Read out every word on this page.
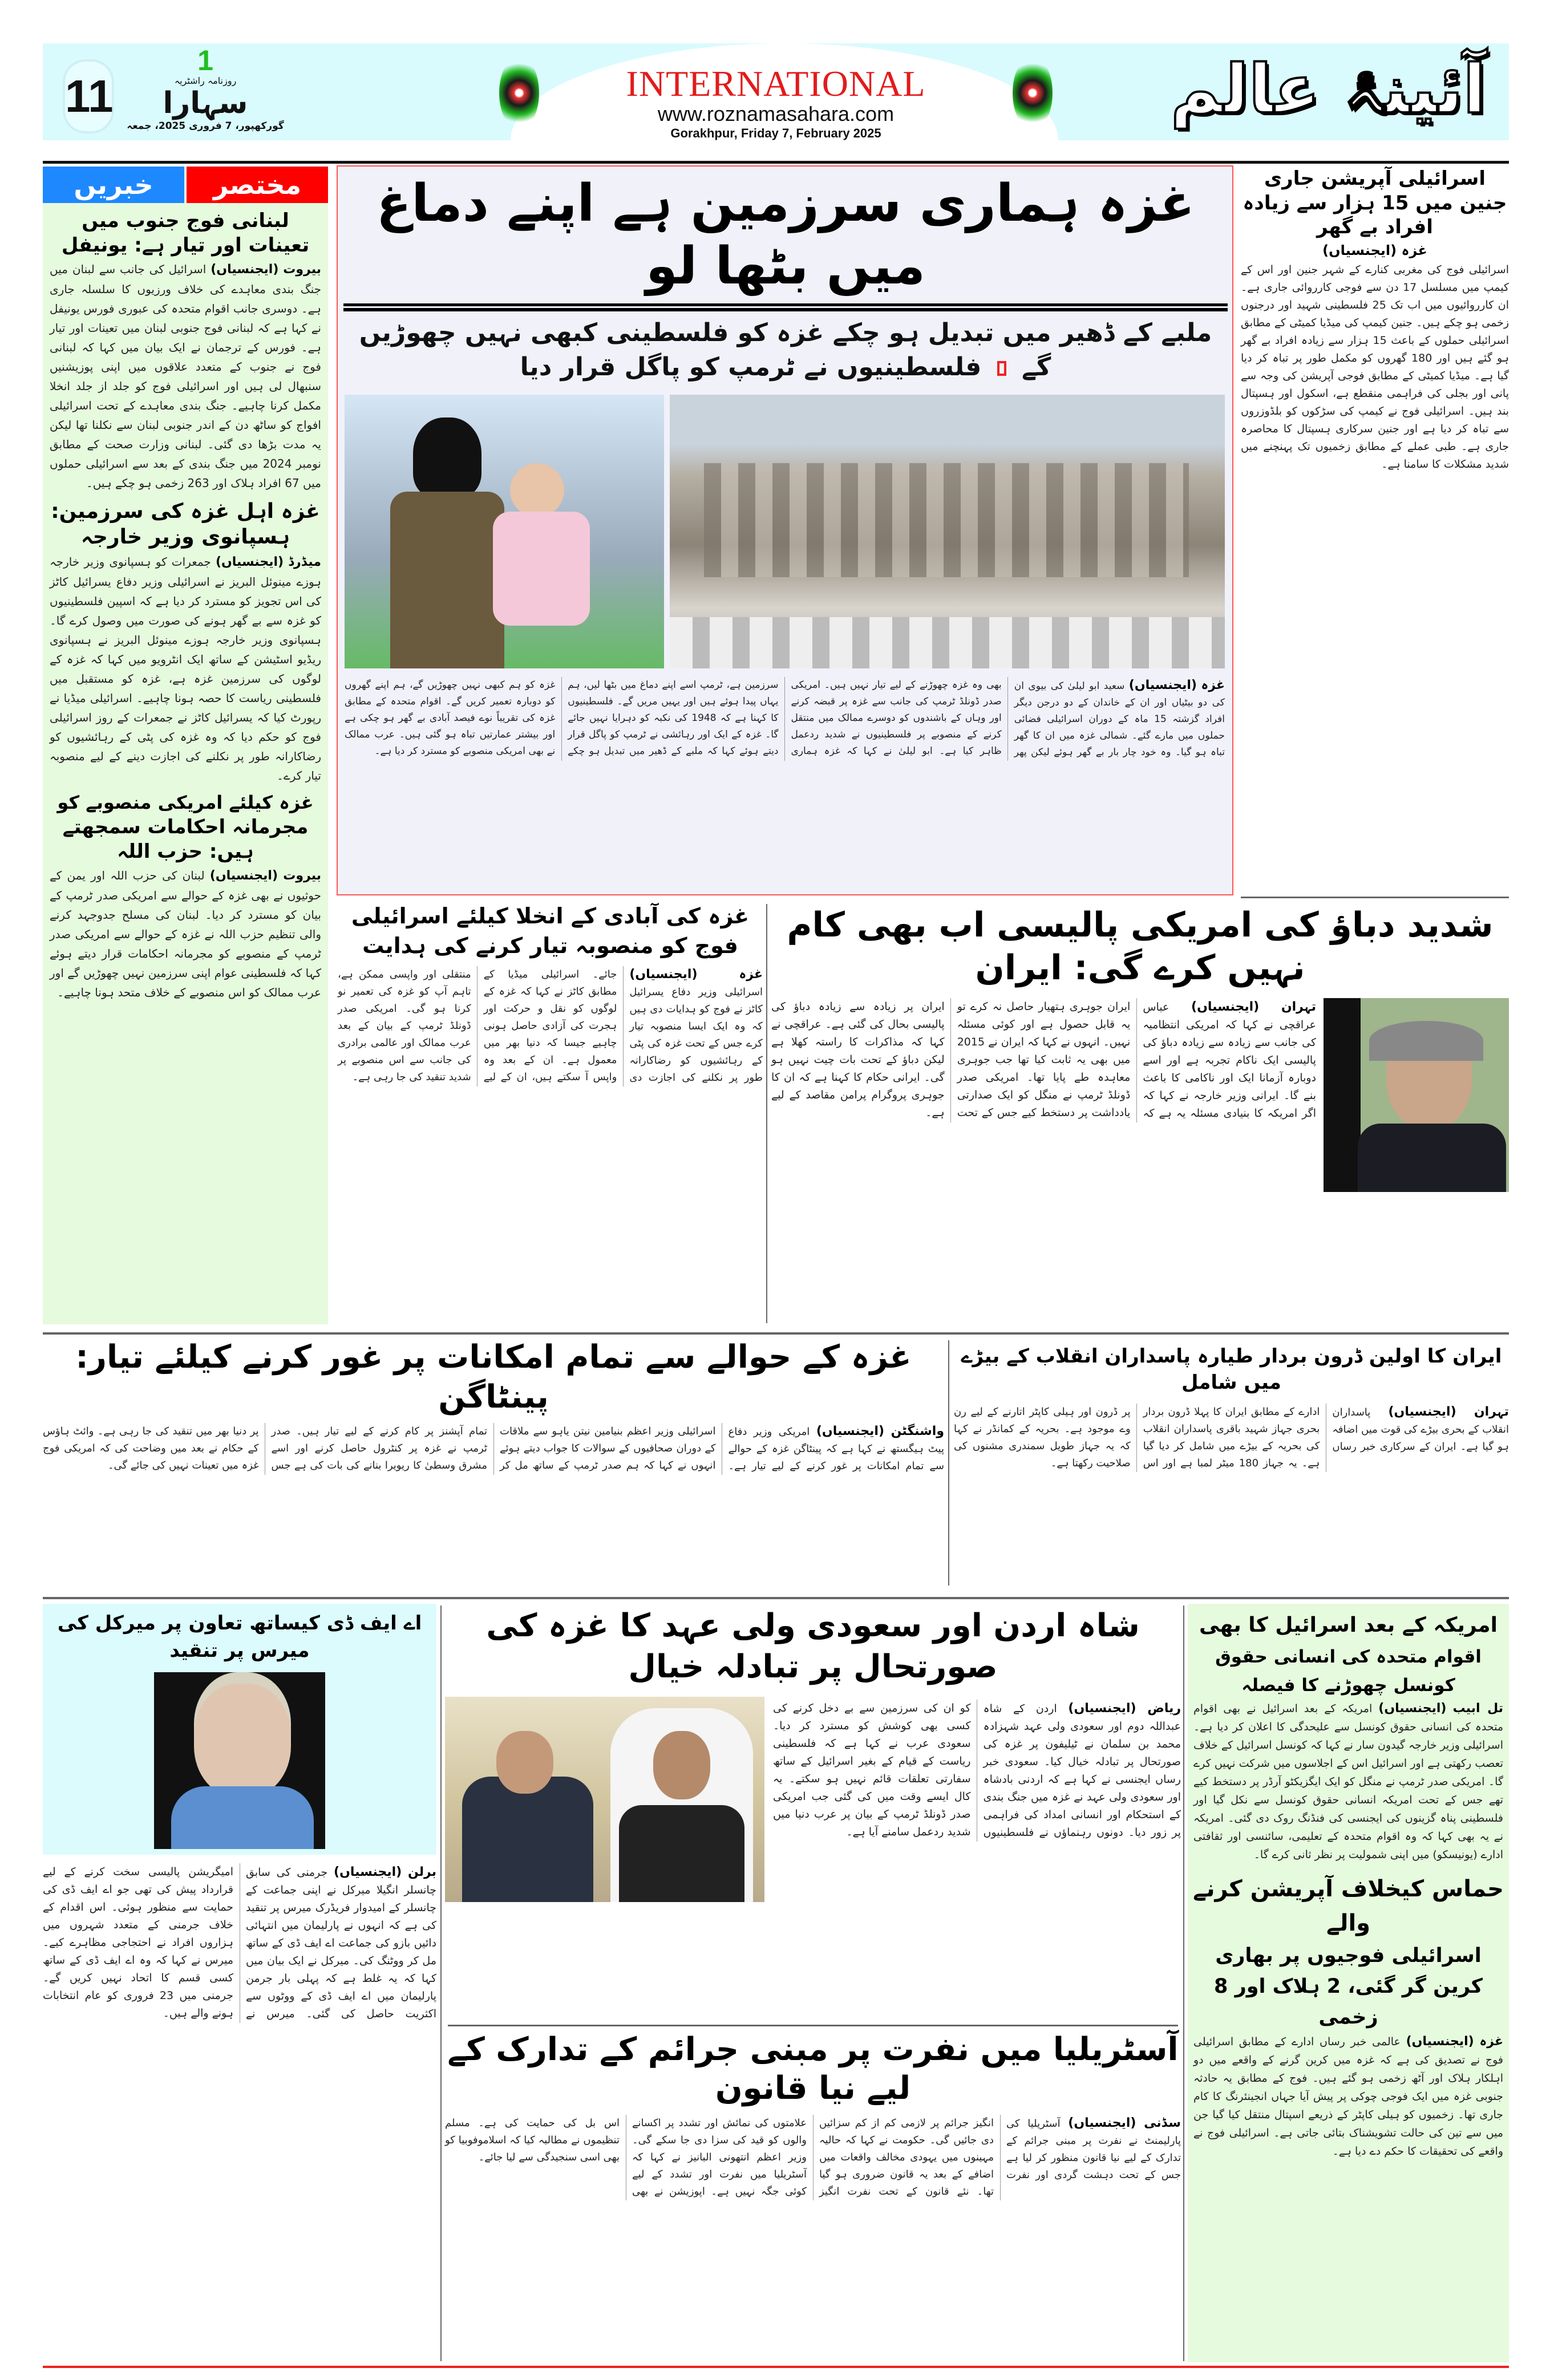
11
1
روزنامہ راشٹریہ
سہارا
گورکھپور، 7 فروری 2025، جمعہ
INTERNATIONAL
www.roznamasahara.com
Gorakhpur, Friday 7, February 2025
آئینۂ عالم
خبریں	مختصر
لبنانی فوج جنوب میں تعینات اور تیار ہے: یونیفل
بیروت (ایجنسیاں) اسرائیل کی جانب سے لبنان میں جنگ بندی معاہدے کی خلاف ورزیوں کا سلسلہ جاری ہے۔ دوسری جانب اقوام متحدہ کی عبوری فورس یونیفل نے کہا ہے کہ لبنانی فوج جنوبی لبنان میں تعینات اور تیار ہے۔ فورس کے ترجمان نے ایک بیان میں کہا کہ لبنانی فوج نے جنوب کے متعدد علاقوں میں اپنی پوزیشنیں سنبھال لی ہیں اور اسرائیلی فوج کو جلد از جلد انخلا مکمل کرنا چاہیے۔ جنگ بندی معاہدے کے تحت اسرائیلی افواج کو ساٹھ دن کے اندر جنوبی لبنان سے نکلنا تھا لیکن یہ مدت بڑھا دی گئی۔ لبنانی وزارت صحت کے مطابق نومبر 2024 میں جنگ بندی کے بعد سے اسرائیلی حملوں میں 67 افراد ہلاک اور 263 زخمی ہو چکے ہیں۔
غزہ اہل غزہ کی سرزمین: ہسپانوی وزیر خارجہ
میڈرڈ (ایجنسیاں) جمعرات کو ہسپانوی وزیر خارجہ ہوزے مینوئل البریز نے اسرائیلی وزیر دفاع یسرائیل کاٹز کی اس تجویز کو مسترد کر دیا ہے کہ اسپین فلسطینیوں کو غزہ سے بے گھر ہونے کی صورت میں وصول کرے گا۔ ہسپانوی وزیر خارجہ ہوزے مینوئل البریز نے ہسپانوی ریڈیو اسٹیشن کے ساتھ ایک انٹرویو میں کہا کہ غزہ کے لوگوں کی سرزمین غزہ ہے، غزہ کو مستقبل میں فلسطینی ریاست کا حصہ ہونا چاہیے۔ اسرائیلی میڈیا نے رپورٹ کیا کہ یسرائیل کاٹز نے جمعرات کے روز اسرائیلی فوج کو حکم دیا کہ وہ غزہ کی پٹی کے رہائشیوں کو رضاکارانہ طور پر نکلنے کی اجازت دینے کے لیے منصوبہ تیار کرے۔
غزہ کیلئے امریکی منصوبے کو
مجرمانہ احکامات سمجھتے ہیں: حزب اللہ
بیروت (ایجنسیاں) لبنان کی حزب اللہ اور یمن کے حوثیوں نے بھی غزہ کے حوالے سے امریکی صدر ٹرمپ کے بیان کو مسترد کر دیا۔ لبنان کی مسلح جدوجہد کرنے والی تنظیم حزب اللہ نے غزہ کے حوالے سے امریکی صدر ٹرمپ کے منصوبے کو مجرمانہ احکامات قرار دیتے ہوئے کہا کہ فلسطینی عوام اپنی سرزمین نہیں چھوڑیں گے اور عرب ممالک کو اس منصوبے کے خلاف متحد ہونا چاہیے۔
غزہ ہماری سرزمین ہے اپنے دماغ میں بٹھا لو
ملبے کے ڈھیر میں تبدیل ہو چکے غزہ کو فلسطینی کبھی نہیں چھوڑیں گے  فلسطینیوں نے ٹرمپ کو پاگل قرار دیا
غزہ (ایجنسیاں) سعید ابو لیلیٰ کی بیوی ان کی دو بیٹیاں اور ان کے خاندان کے دو درجن دیگر افراد گزشتہ 15 ماہ کے دوران اسرائیلی فضائی حملوں میں مارے گئے۔ شمالی غزہ میں ان کا گھر تباہ ہو گیا۔ وہ خود چار بار بے گھر ہوئے لیکن پھر بھی وہ غزہ چھوڑنے کے لیے تیار نہیں ہیں۔ امریکی صدر ڈونلڈ ٹرمپ کی جانب سے غزہ پر قبضہ کرنے اور وہاں کے باشندوں کو دوسرے ممالک میں منتقل کرنے کے منصوبے پر فلسطینیوں نے شدید ردعمل ظاہر کیا ہے۔ ابو لیلیٰ نے کہا کہ غزہ ہماری سرزمین ہے، ٹرمپ اسے اپنے دماغ میں بٹھا لیں، ہم یہاں پیدا ہوئے ہیں اور یہیں مریں گے۔ فلسطینیوں کا کہنا ہے کہ 1948 کی نکبہ کو دہرایا نہیں جائے گا۔ غزہ کے ایک اور رہائشی نے ٹرمپ کو پاگل قرار دیتے ہوئے کہا کہ ملبے کے ڈھیر میں تبدیل ہو چکے غزہ کو ہم کبھی نہیں چھوڑیں گے، ہم اپنے گھروں کو دوبارہ تعمیر کریں گے۔ اقوام متحدہ کے مطابق غزہ کی تقریباً نوے فیصد آبادی بے گھر ہو چکی ہے اور بیشتر عمارتیں تباہ ہو گئی ہیں۔ عرب ممالک نے بھی امریکی منصوبے کو مسترد کر دیا ہے۔
اسرائیلی آپریشن جاری
جنین میں 15 ہزار سے زیادہ افراد بے گھر
غزہ (ایجنسیاں)
اسرائیلی فوج کی مغربی کنارے کے شہر جنین اور اس کے کیمپ میں مسلسل 17 دن سے فوجی کارروائی جاری ہے۔ ان کارروائیوں میں اب تک 25 فلسطینی شہید اور درجنوں زخمی ہو چکے ہیں۔ جنین کیمپ کی میڈیا کمیٹی کے مطابق اسرائیلی حملوں کے باعث 15 ہزار سے زیادہ افراد بے گھر ہو گئے ہیں اور 180 گھروں کو مکمل طور پر تباہ کر دیا گیا ہے۔ میڈیا کمیٹی کے مطابق فوجی آپریشن کی وجہ سے پانی اور بجلی کی فراہمی منقطع ہے، اسکول اور ہسپتال بند ہیں۔ اسرائیلی فوج نے کیمپ کی سڑکوں کو بلڈوزروں سے تباہ کر دیا ہے اور جنین سرکاری ہسپتال کا محاصرہ جاری ہے۔ طبی عملے کے مطابق زخمیوں تک پہنچنے میں شدید مشکلات کا سامنا ہے۔
غزہ کی آبادی کے انخلا کیلئے اسرائیلی فوج کو منصوبہ تیار کرنے کی ہدایت
غزہ (ایجنسیاں) اسرائیلی وزیر دفاع یسرائیل کاٹز نے فوج کو ہدایات دی ہیں کہ وہ ایک ایسا منصوبہ تیار کرے جس کے تحت غزہ کی پٹی کے رہائشیوں کو رضاکارانہ طور پر نکلنے کی اجازت دی جائے۔ اسرائیلی میڈیا کے مطابق کاٹز نے کہا کہ غزہ کے لوگوں کو نقل و حرکت اور ہجرت کی آزادی حاصل ہونی چاہیے جیسا کہ دنیا بھر میں معمول ہے۔ ان کے بعد وہ واپس آ سکتے ہیں، ان کے لیے منتقلی اور واپسی ممکن ہے، تاہم آپ کو غزہ کی تعمیر نو کرنا ہو گی۔ امریکی صدر ڈونلڈ ٹرمپ کے بیان کے بعد عرب ممالک اور عالمی برادری کی جانب سے اس منصوبے پر شدید تنقید کی جا رہی ہے۔
شدید دباؤ کی امریکی پالیسی اب بھی کام نہیں کرے گی: ایران
تہران (ایجنسیاں) عباس عراقچی نے کہا کہ امریکی انتظامیہ کی جانب سے زیادہ سے زیادہ دباؤ کی پالیسی ایک ناکام تجربہ ہے اور اسے دوبارہ آزمانا ایک اور ناکامی کا باعث بنے گا۔ ایرانی وزیر خارجہ نے کہا کہ اگر امریکہ کا بنیادی مسئلہ یہ ہے کہ ایران جوہری ہتھیار حاصل نہ کرے تو یہ قابل حصول ہے اور کوئی مسئلہ نہیں۔ انہوں نے کہا کہ ایران نے 2015 میں بھی یہ ثابت کیا تھا جب جوہری معاہدہ طے پایا تھا۔ امریکی صدر ڈونلڈ ٹرمپ نے منگل کو ایک صدارتی یادداشت پر دستخط کیے جس کے تحت ایران پر زیادہ سے زیادہ دباؤ کی پالیسی بحال کی گئی ہے۔ عراقچی نے کہا کہ مذاکرات کا راستہ کھلا ہے لیکن دباؤ کے تحت بات چیت نہیں ہو گی۔ ایرانی حکام کا کہنا ہے کہ ان کا جوہری پروگرام پرامن مقاصد کے لیے ہے۔
غزہ کے حوالے سے تمام امکانات پر غور کرنے کیلئے تیار: پینٹاگن
واشنگٹن (ایجنسیاں) امریکی وزیر دفاع پیٹ ہیگستھ نے کہا ہے کہ پینٹاگن غزہ کے حوالے سے تمام امکانات پر غور کرنے کے لیے تیار ہے۔ اسرائیلی وزیر اعظم بنیامین نیتن یاہو سے ملاقات کے دوران صحافیوں کے سوالات کا جواب دیتے ہوئے انہوں نے کہا کہ ہم صدر ٹرمپ کے ساتھ مل کر تمام آپشنز پر کام کرنے کے لیے تیار ہیں۔ صدر ٹرمپ نے غزہ پر کنٹرول حاصل کرنے اور اسے مشرق وسطیٰ کا ریویرا بنانے کی بات کی ہے جس پر دنیا بھر میں تنقید کی جا رہی ہے۔ وائٹ ہاؤس کے حکام نے بعد میں وضاحت کی کہ امریکی فوج غزہ میں تعینات نہیں کی جائے گی۔
ایران کا اولین ڈرون بردار طیارہ پاسداران انقلاب کے بیڑے میں شامل
تہران (ایجنسیاں) پاسداران انقلاب کے بحری بیڑے کی قوت میں اضافہ ہو گیا ہے۔ ایران کے سرکاری خبر رساں ادارے کے مطابق ایران کا پہلا ڈرون بردار بحری جہاز شہید باقری پاسداران انقلاب کی بحریہ کے بیڑے میں شامل کر دیا گیا ہے۔ یہ جہاز 180 میٹر لمبا ہے اور اس پر ڈرون اور ہیلی کاپٹر اتارنے کے لیے رن وے موجود ہے۔ بحریہ کے کمانڈر نے کہا کہ یہ جہاز طویل سمندری مشنوں کی صلاحیت رکھتا ہے۔
اے ایف ڈی کیساتھ تعاون پر میرکل کی میرس پر تنقید
برلن (ایجنسیاں) جرمنی کی سابق چانسلر انگیلا میرکل نے اپنی جماعت کے چانسلر کے امیدوار فریڈرک میرس پر تنقید کی ہے کہ انہوں نے پارلیمان میں انتہائی دائیں بازو کی جماعت اے ایف ڈی کے ساتھ مل کر ووٹنگ کی۔ میرکل نے ایک بیان میں کہا کہ یہ غلط ہے کہ پہلی بار جرمن پارلیمان میں اے ایف ڈی کے ووٹوں سے اکثریت حاصل کی گئی۔ میرس نے امیگریشن پالیسی سخت کرنے کے لیے قرارداد پیش کی تھی جو اے ایف ڈی کی حمایت سے منظور ہوئی۔ اس اقدام کے خلاف جرمنی کے متعدد شہروں میں ہزاروں افراد نے احتجاجی مظاہرے کیے۔ میرس نے کہا کہ وہ اے ایف ڈی کے ساتھ کسی قسم کا اتحاد نہیں کریں گے۔ جرمنی میں 23 فروری کو عام انتخابات ہونے والے ہیں۔
شاہ اردن اور سعودی ولی عہد کا غزہ کی صورتحال پر تبادلہ خیال
ریاض (ایجنسیاں) اردن کے شاہ عبداللہ دوم اور سعودی ولی عہد شہزادہ محمد بن سلمان نے ٹیلیفون پر غزہ کی صورتحال پر تبادلہ خیال کیا۔ سعودی خبر رساں ایجنسی نے کہا ہے کہ اردنی بادشاہ اور سعودی ولی عہد نے غزہ میں جنگ بندی کے استحکام اور انسانی امداد کی فراہمی پر زور دیا۔ دونوں رہنماؤں نے فلسطینیوں کو ان کی سرزمین سے بے دخل کرنے کی کسی بھی کوشش کو مسترد کر دیا۔ سعودی عرب نے کہا ہے کہ فلسطینی ریاست کے قیام کے بغیر اسرائیل کے ساتھ سفارتی تعلقات قائم نہیں ہو سکتے۔ یہ کال ایسے وقت میں کی گئی جب امریکی صدر ڈونلڈ ٹرمپ کے بیان پر عرب دنیا میں شدید ردعمل سامنے آیا ہے۔
آسٹریلیا میں نفرت پر مبنی جرائم کے تدارک کے لیے نیا قانون
سڈنی (ایجنسیاں) آسٹریلیا کی پارلیمنٹ نے نفرت پر مبنی جرائم کے تدارک کے لیے نیا قانون منظور کر لیا ہے جس کے تحت دہشت گردی اور نفرت انگیز جرائم پر لازمی کم از کم سزائیں دی جائیں گی۔ حکومت نے کہا کہ حالیہ مہینوں میں یہودی مخالف واقعات میں اضافے کے بعد یہ قانون ضروری ہو گیا تھا۔ نئے قانون کے تحت نفرت انگیز علامتوں کی نمائش اور تشدد پر اکسانے والوں کو قید کی سزا دی جا سکے گی۔ وزیر اعظم انتھونی البانیز نے کہا کہ آسٹریلیا میں نفرت اور تشدد کے لیے کوئی جگہ نہیں ہے۔ اپوزیشن نے بھی اس بل کی حمایت کی ہے۔ مسلم تنظیموں نے مطالبہ کیا کہ اسلاموفوبیا کو بھی اسی سنجیدگی سے لیا جائے۔
امریکہ کے بعد اسرائیل کا بھی
اقوام متحدہ کی انسانی حقوق کونسل چھوڑنے کا فیصلہ
تل ابیب (ایجنسیاں) امریکہ کے بعد اسرائیل نے بھی اقوام متحدہ کی انسانی حقوق کونسل سے علیحدگی کا اعلان کر دیا ہے۔ اسرائیلی وزیر خارجہ گیدون سار نے کہا کہ کونسل اسرائیل کے خلاف تعصب رکھتی ہے اور اسرائیل اس کے اجلاسوں میں شرکت نہیں کرے گا۔ امریکی صدر ٹرمپ نے منگل کو ایک ایگزیکٹو آرڈر پر دستخط کیے تھے جس کے تحت امریکہ انسانی حقوق کونسل سے نکل گیا اور فلسطینی پناہ گزینوں کی ایجنسی کی فنڈنگ روک دی گئی۔ امریکہ نے یہ بھی کہا کہ وہ اقوام متحدہ کے تعلیمی، سائنسی اور ثقافتی ادارے (یونیسکو) میں اپنی شمولیت پر نظر ثانی کرے گا۔
حماس کیخلاف آپریشن کرنے والے
اسرائیلی فوجیوں پر بھاری کرین گر گئی، 2 ہلاک اور 8 زخمی
غزہ (ایجنسیاں) عالمی خبر رساں ادارے کے مطابق اسرائیلی فوج نے تصدیق کی ہے کہ غزہ میں کرین گرنے کے واقعے میں دو اہلکار ہلاک اور آٹھ زخمی ہو گئے ہیں۔ فوج کے مطابق یہ حادثہ جنوبی غزہ میں ایک فوجی چوکی پر پیش آیا جہاں انجینئرنگ کا کام جاری تھا۔ زخمیوں کو ہیلی کاپٹر کے ذریعے اسپتال منتقل کیا گیا جن میں سے تین کی حالت تشویشناک بتائی جاتی ہے۔ اسرائیلی فوج نے واقعے کی تحقیقات کا حکم دے دیا ہے۔
